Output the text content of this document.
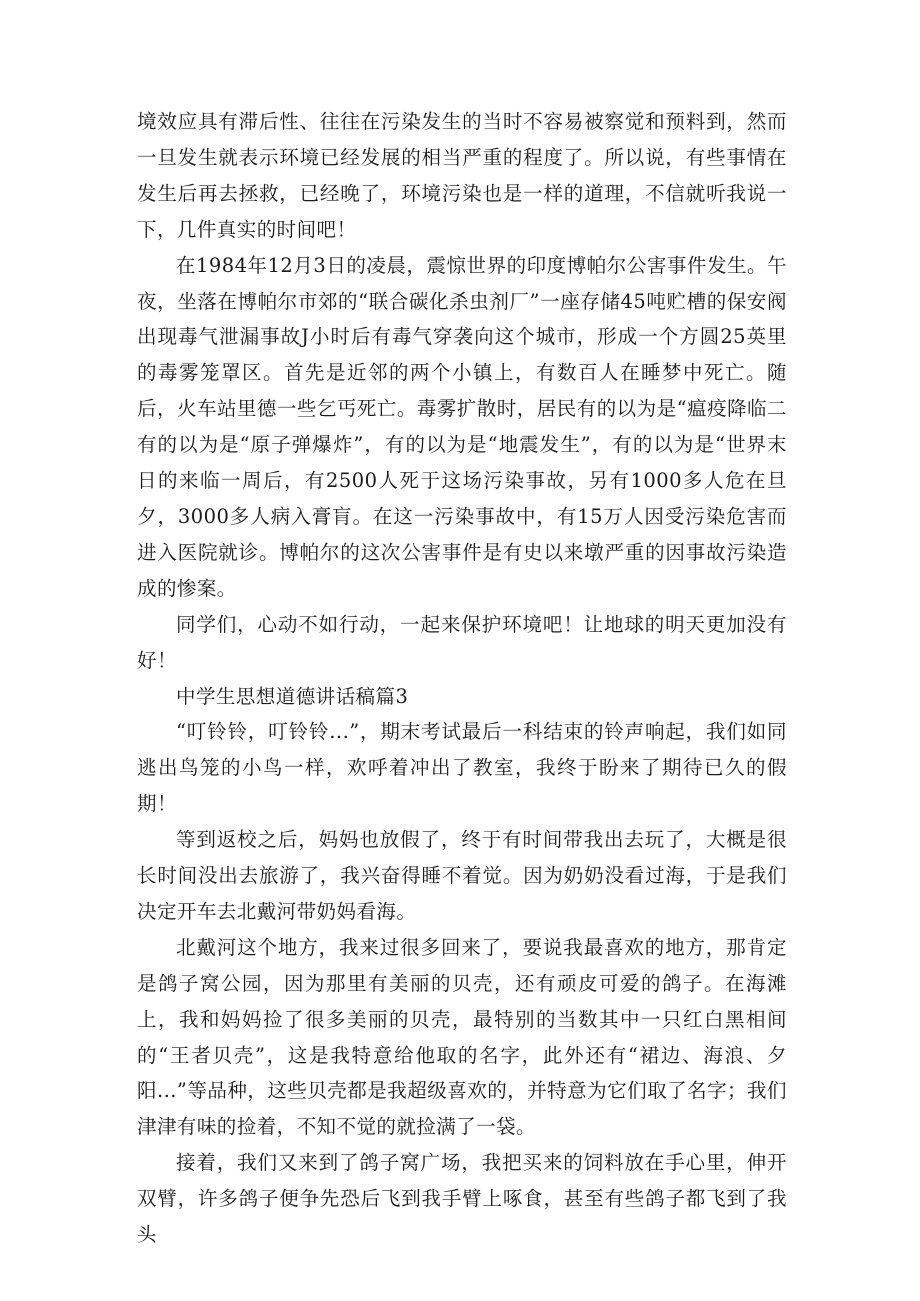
境效应具有滞后性、往往在污染发生的当时不容易被察觉和预料到，然而一旦发生就表示环境已经发展的相当严重的程度了。所以说，有些事情在发生后再去拯救，已经晚了，环境污染也是一样的道理，不信就听我说一下，几件真实的时间吧！

在1984年12月3日的凌晨，震惊世界的印度博帕尔公害事件发生。午夜，坐落在博帕尔市郊的“联合碳化杀虫剂厂”一座存储45吨贮槽的保安阀出现毒气泄漏事故J小时后有毒气穿袭向这个城市，形成一个方圆25英里的毒雾笼罩区。首先是近邻的两个小镇上，有数百人在睡梦中死亡。随后，火车站里德一些乞丐死亡。毒雾扩散时，居民有的以为是“瘟疫降临二有的以为是“原子弹爆炸”，有的以为是“地震发生”，有的以为是“世界末日的来临一周后，有2500人死于这场污染事故，另有1000多人危在旦夕，3000多人病入膏肓。在这一污染事故中，有15万人因受污染危害而进入医院就诊。博帕尔的这次公害事件是有史以来墩严重的因事故污染造成的惨案。

同学们，心动不如行动，一起来保护环境吧！让地球的明天更加没有好！

中学生思想道德讲话稿篇3

“叮铃铃，叮铃铃...”，期末考试最后一科结束的铃声响起，我们如同逃出鸟笼的小鸟一样，欢呼着冲出了教室，我终于盼来了期待已久的假期！

等到返校之后，妈妈也放假了，终于有时间带我出去玩了，大概是很长时间没出去旅游了，我兴奋得睡不着觉。因为奶奶没看过海，于是我们决定开车去北戴河带奶妈看海。

北戴河这个地方，我来过很多回来了，要说我最喜欢的地方，那肯定是鸽子窝公园，因为那里有美丽的贝壳，还有顽皮可爱的鸽子。在海滩上，我和妈妈捡了很多美丽的贝壳，最特别的当数其中一只红白黑相间的“王者贝壳”，这是我特意给他取的名字，此外还有“裙边、海浪、夕阳...”等品种，这些贝壳都是我超级喜欢的，并特意为它们取了名字；我们津津有味的捡着，不知不觉的就捡满了一袋。

接着，我们又来到了鸽子窝广场，我把买来的饲料放在手心里，伸开双臂，许多鸽子便争先恐后飞到我手臂上啄食，甚至有些鸽子都飞到了我头
